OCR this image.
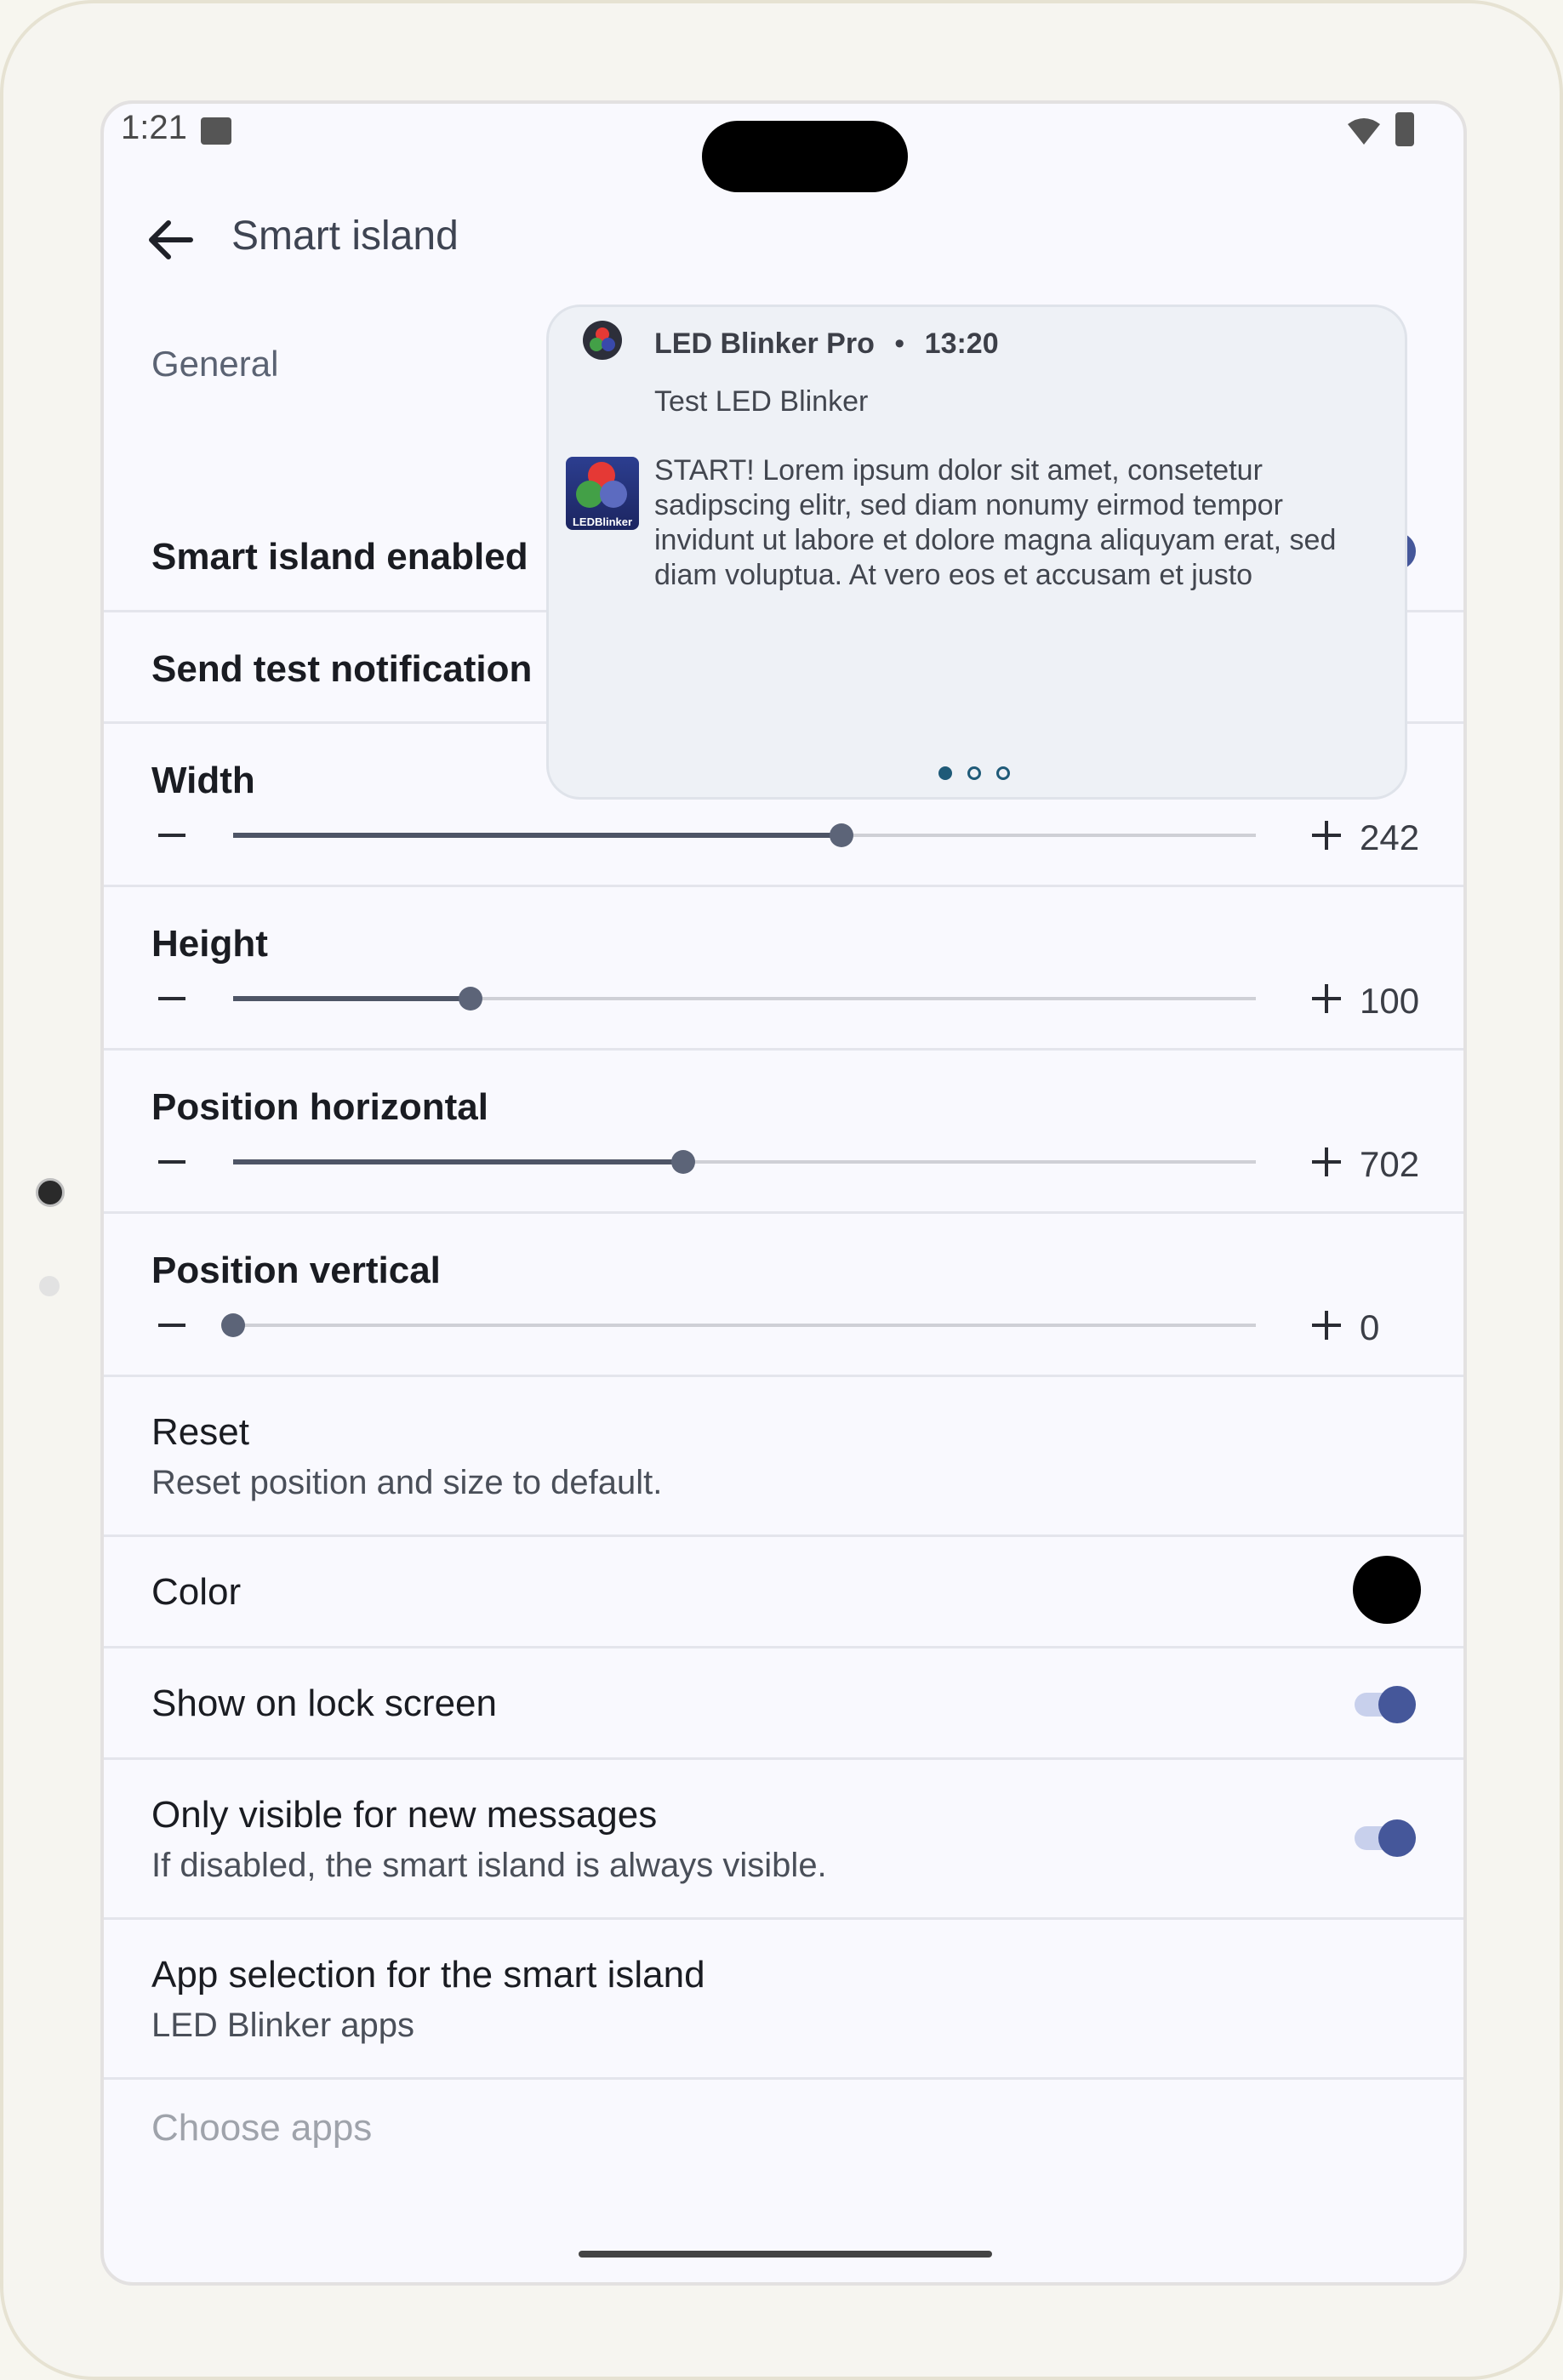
1:21
Smart island
General
Smart island enabled
Send test notification
Width
242
Height
100
Position horizontal
702
Position vertical
0
Reset
Reset position and size to default.
Color
Show on lock screen
Only visible for new messages
If disabled, the smart island is always visible.
App selection for the smart island
LED Blinker apps
Choose apps
LED Blinker Pro • 13:20
Test LED Blinker
LEDBlinker
START! Lorem ipsum dolor sit amet, consetetur sadipscing elitr, sed diam nonumy eirmod tempor invidunt ut labore et dolore magna aliquyam erat, sed diam voluptua. At vero eos et accusam et justo
